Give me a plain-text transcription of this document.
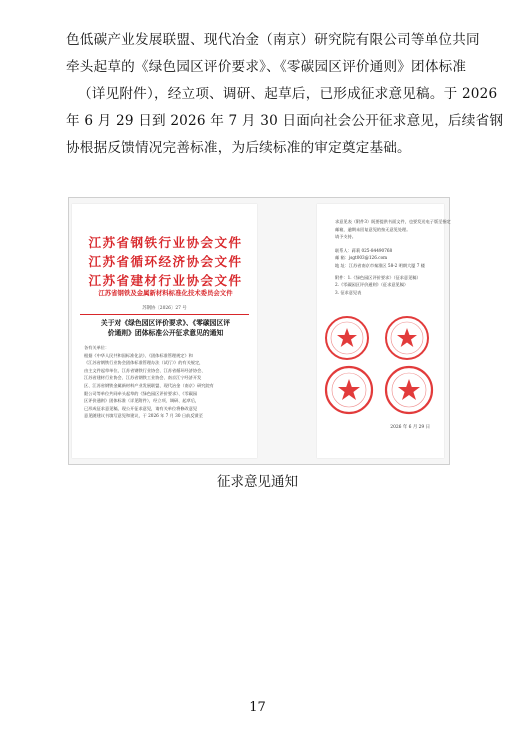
色低碳产业发展联盟、现代冶金（南京）研究院有限公司等单位共同
牵头起草的《绿色园区评价要求》、《零碳园区评价通则》团体标准
（详见附件），经立项、调研、起草后，已形成征求意见稿。于 2026
年 6 月 29 日到 2026 年 7 月 30 日面向社会公开征求意见，后续省钢
协根据反馈情况完善标准，为后续标准的审定奠定基础。
江苏省钢铁行业协会文件
江苏省循环经济协会文件
江苏省建材行业协会文件
江苏省钢铁及金属新材料标准化技术委员会文件
苏钢协〔2026〕27 号
关于对《绿色园区评价要求》、《零碳园区评
价通则》团体标准公开征求意见的通知
各有关单位：
根据《中华人民共和国标准化法》、《团体标准管理规定》和
《江苏省钢铁行业协会团体标准管理办法（试行）》的有关规定，
由主文件起草单位，江苏省钢铁行业协会、江苏省循环经济协会、
江苏省建材行业协会、江苏省钢铁工业协会、南京江宁经济开发
区、江苏省钢铁金属新材料产业发展联盟、现代冶金（南京）研究院有
限公司等单位共同牵头起草的《绿色园区评价要求》、《零碳园
区评价通则》团体标准（详见附件），经立项、调研、起草后，
已形成征求意见稿，现公开征求意见，请有关单位将修改意见
意见随建议书填写意见和建议，于 2026 年 7 月 30 日前反馈至
求意见表（附件3）既要提供书面文件，也要发送电子版至指定
邮箱，逾期未回复意见的按无意见处理。
请予支持。
联系人：蒋莉 025-84490768
邮 箱：jsgt003@126.com
地 址：江苏省南京市秦淮区 58-2 明朗大厦 7 楼
附件：1.《绿色园区评价要求》（征求意见稿）
2.《零碳园区评价通则》（征求意见稿）
3. 征求意见表
2026 年 6 月 29 日
征求意见通知
17
